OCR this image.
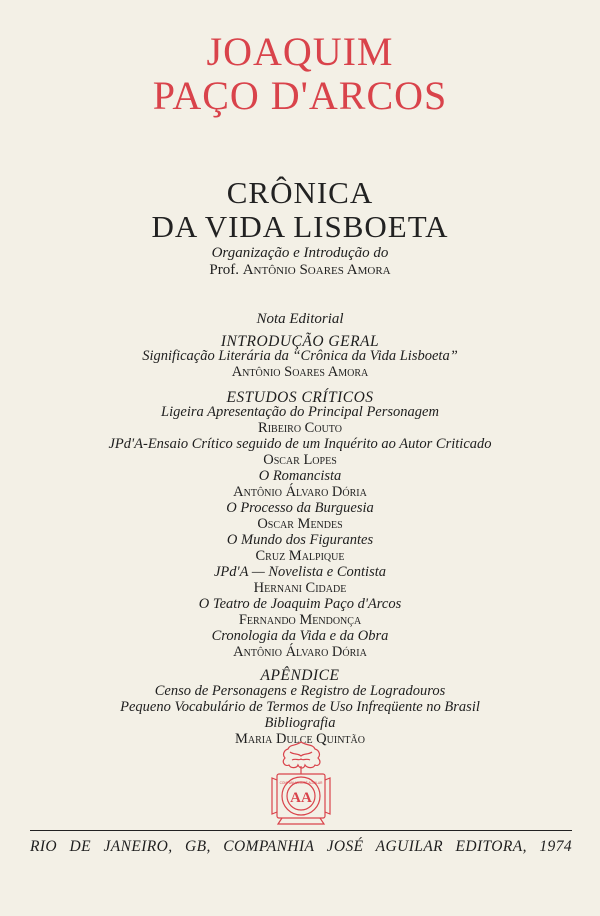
JOAQUIM
PAÇO D'ARCOS
CRÔNICA
DA VIDA LISBOETA
Organização e Introdução do
Prof. Antônio Soares Amora
Nota Editorial
INTRODUÇÃO GERAL
Significação Literária da “Crônica da Vida Lisboeta”
Antônio Soares Amora
ESTUDOS CRÍTICOS
Ligeira Apresentação do Principal Personagem
Ribeiro Couto
JPd'A-Ensaio Crítico seguido de um Inquérito ao Autor Criticado
Oscar Lopes
O Romancista
Antônio Álvaro Dória
O Processo da Burguesia
Oscar Mendes
O Mundo dos Figurantes
Cruz Malpique
JPd'A — Novelista e Contista
Hernani Cidade
O Teatro de Joaquim Paço d'Arcos
Fernando Mendonça
Cronologia da Vida e da Obra
Antônio Álvaro Dória
APÊNDICE
Censo de Personagens e Registro de Logradouros
Pequeno Vocabulário de Termos de Uso Infreqüente no Brasil
Bibliografia
Maria Dulce Quintão
AA
COMPANHIA JOSÉ AGUILAR
RIO DE JANEIRO, GB, COMPANHIA JOSÉ AGUILAR EDITORA, 1974
